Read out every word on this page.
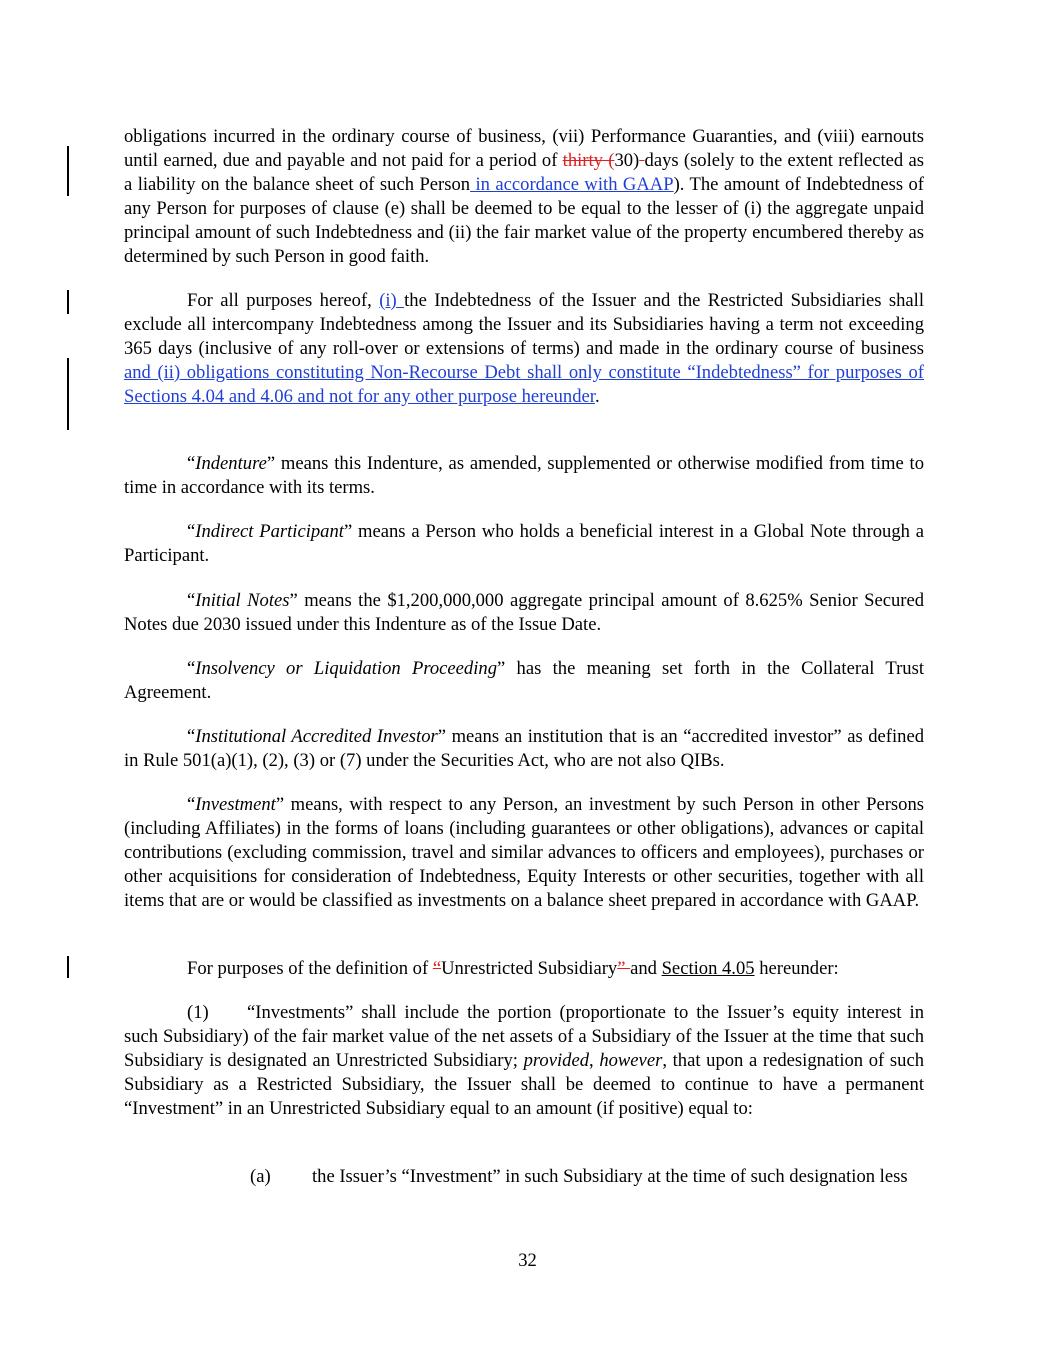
obligations incurred in the ordinary course of business, (vii) Performance Guaranties, and (viii) earnouts until earned, due and payable and not paid for a period of thirty (30) days (solely to the extent reflected as a liability on the balance sheet of such Person in accordance with GAAP). The amount of Indebtedness of any Person for purposes of clause (e) shall be deemed to be equal to the lesser of (i) the aggregate unpaid principal amount of such Indebtedness and (ii) the fair market value of the property encumbered thereby as determined by such Person in good faith.

For all purposes hereof, (i) the Indebtedness of the Issuer and the Restricted Subsidiaries shall exclude all intercompany Indebtedness among the Issuer and its Subsidiaries having a term not exceeding 365 days (inclusive of any roll-over or extensions of terms) and made in the ordinary course of business and (ii) obligations constituting Non-Recourse Debt shall only constitute “Indebtedness” for purposes of Sections 4.04 and 4.06 and not for any other purpose hereunder.

“Indenture” means this Indenture, as amended, supplemented or otherwise modified from time to time in accordance with its terms.

“Indirect Participant” means a Person who holds a beneficial interest in a Global Note through a Participant.

“Initial Notes” means the $1,200,000,000 aggregate principal amount of 8.625% Senior Secured Notes due 2030 issued under this Indenture as of the Issue Date.

“Insolvency or Liquidation Proceeding” has the meaning set forth in the Collateral Trust Agreement.

“Institutional Accredited Investor” means an institution that is an “accredited investor” as defined in Rule 501(a)(1), (2), (3) or (7) under the Securities Act, who are not also QIBs.

“Investment” means, with respect to any Person, an investment by such Person in other Persons (including Affiliates) in the forms of loans (including guarantees or other obligations), advances or capital contributions (excluding commission, travel and similar advances to officers and employees), purchases or other acquisitions for consideration of Indebtedness, Equity Interests or other securities, together with all items that are or would be classified as investments on a balance sheet prepared in accordance with GAAP.

For purposes of the definition of “Unrestricted Subsidiary” and Section 4.05 hereunder:

(1) “Investments” shall include the portion (proportionate to the Issuer’s equity interest in such Subsidiary) of the fair market value of the net assets of a Subsidiary of the Issuer at the time that such Subsidiary is designated an Unrestricted Subsidiary; provided, however, that upon a redesignation of such Subsidiary as a Restricted Subsidiary, the Issuer shall be deemed to continue to have a permanent “Investment” in an Unrestricted Subsidiary equal to an amount (if positive) equal to:

(a) the Issuer’s “Investment” in such Subsidiary at the time of such designation less

32
